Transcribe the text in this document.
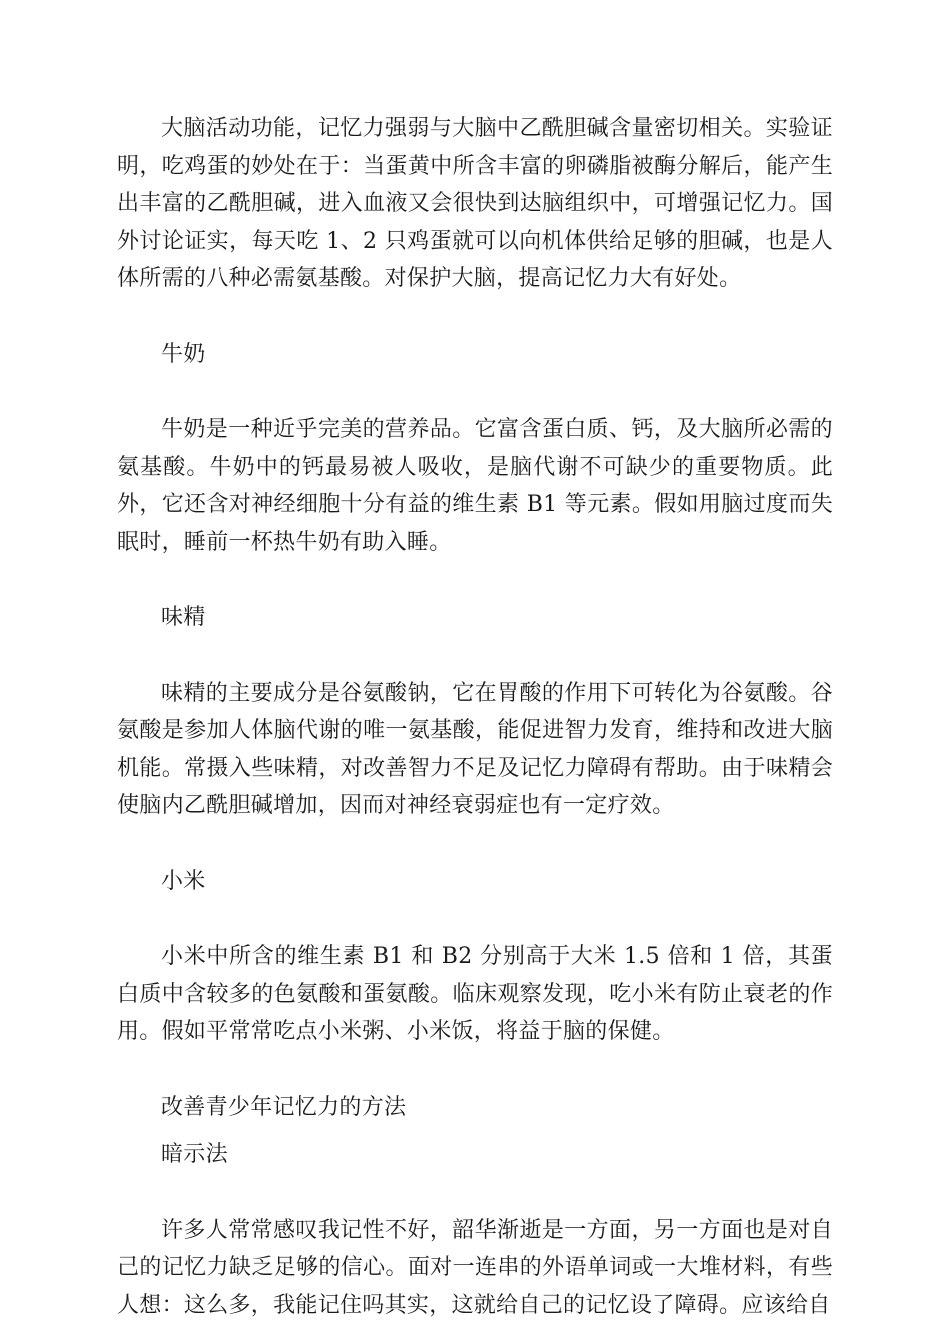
大脑活动功能，记忆力强弱与大脑中乙酰胆碱含量密切相关。实验证明，吃鸡蛋的妙处在于：当蛋黄中所含丰富的卵磷脂被酶分解后，能产生出丰富的乙酰胆碱，进入血液又会很快到达脑组织中，可增强记忆力。国外讨论证实，每天吃 1、2 只鸡蛋就可以向机体供给足够的胆碱，也是人体所需的八种必需氨基酸。对保护大脑，提高记忆力大有好处。

牛奶

牛奶是一种近乎完美的营养品。它富含蛋白质、钙，及大脑所必需的氨基酸。牛奶中的钙最易被人吸收，是脑代谢不可缺少的重要物质。此外，它还含对神经细胞十分有益的维生素 B1 等元素。假如用脑过度而失眠时，睡前一杯热牛奶有助入睡。

味精

味精的主要成分是谷氨酸钠，它在胃酸的作用下可转化为谷氨酸。谷氨酸是参加人体脑代谢的唯一氨基酸，能促进智力发育，维持和改进大脑机能。常摄入些味精，对改善智力不足及记忆力障碍有帮助。由于味精会使脑内乙酰胆碱增加，因而对神经衰弱症也有一定疗效。

小米

小米中所含的维生素 B1 和 B2 分别高于大米 1.5 倍和 1 倍，其蛋白质中含较多的色氨酸和蛋氨酸。临床观察发现，吃小米有防止衰老的作用。假如平常常吃点小米粥、小米饭，将益于脑的保健。

改善青少年记忆力的方法

暗示法

许多人常常感叹我记性不好，韶华渐逝是一方面，另一方面也是对自己的记忆力缺乏足够的信心。面对一连串的外语单词或一大堆材料，有些人想：这么多，我能记住吗其实，这就给自己的记忆设了障碍。应该给自
